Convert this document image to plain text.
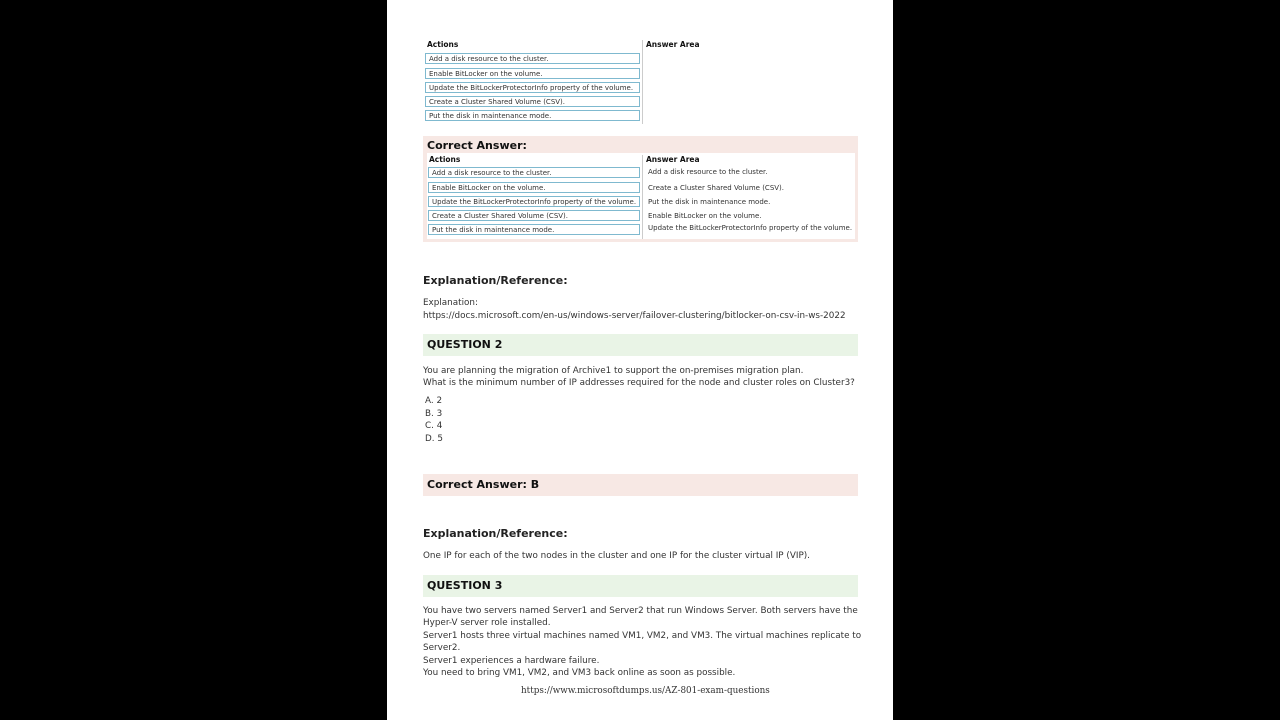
Actions	Answer Area
Add a disk resource to the cluster.
Enable BitLocker on the volume.
Update the BitLockerProtectorInfo property of the volume.
Create a Cluster Shared Volume (CSV).
Put the disk in maintenance mode.
Correct Answer:
Actions	Answer Area
Add a disk resource to the cluster.
Enable BitLocker on the volume.
Update the BitLockerProtectorInfo property of the volume.
Create a Cluster Shared Volume (CSV).
Put the disk in maintenance mode.
Add a disk resource to the cluster.
Create a Cluster Shared Volume (CSV).
Put the disk in maintenance mode.
Enable BitLocker on the volume.
Update the BitLockerProtectorInfo property of the volume.
Explanation/Reference:
Explanation:
https://docs.microsoft.com/en-us/windows-server/failover-clustering/bitlocker-on-csv-in-ws-2022
QUESTION 2
You are planning the migration of Archive1 to support the on-premises migration plan.
What is the minimum number of IP addresses required for the node and cluster roles on Cluster3?
A. 2
B. 3
C. 4
D. 5
Correct Answer: B
Explanation/Reference:
One IP for each of the two nodes in the cluster and one IP for the cluster virtual IP (VIP).
QUESTION 3
You have two servers named Server1 and Server2 that run Windows Server. Both servers have the
Hyper-V server role installed.
Server1 hosts three virtual machines named VM1, VM2, and VM3. The virtual machines replicate to
Server2.
Server1 experiences a hardware failure.
You need to bring VM1, VM2, and VM3 back online as soon as possible.
https://www.microsoftdumps.us/AZ-801-exam-questions
